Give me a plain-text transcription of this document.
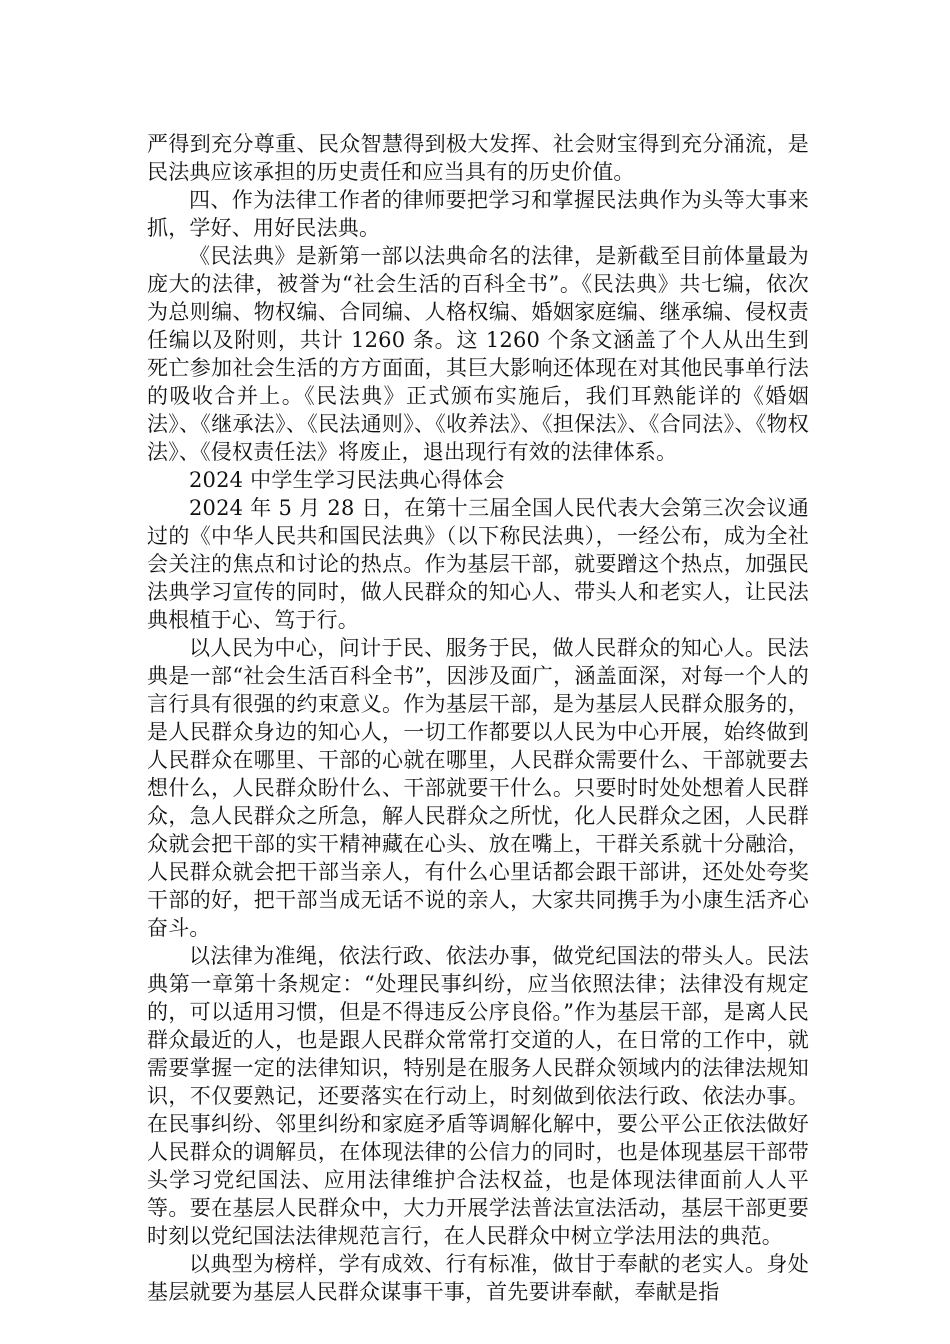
严得到充分尊重、民众智慧得到极大发挥、社会财宝得到充分涌流，是民法典应该承担的历史责任和应当具有的历史价值。

四、作为法律工作者的律师要把学习和掌握民法典作为头等大事来抓，学好、用好民法典。

《民法典》是新第一部以法典命名的法律，是新截至目前体量最为庞大的法律，被誉为“社会生活的百科全书”。《民法典》共七编，依次为总则编、物权编、合同编、人格权编、婚姻家庭编、继承编、侵权责任编以及附则，共计 1260 条。这 1260 个条文涵盖了个人从出生到死亡参加社会生活的方方面面，其巨大影响还体现在对其他民事单行法的吸收合并上。《民法典》正式颁布实施后，我们耳熟能详的《婚姻法》、《继承法》、《民法通则》、《收养法》、《担保法》、《合同法》、《物权法》、《侵权责任法》将废止，退出现行有效的法律体系。

2024 中学生学习民法典心得体会

2024 年 5 月 28 日，在第十三届全国人民代表大会第三次会议通过的《中华人民共和国民法典》（以下称民法典），一经公布，成为全社会关注的焦点和讨论的热点。作为基层干部，就要蹭这个热点，加强民法典学习宣传的同时，做人民群众的知心人、带头人和老实人，让民法典根植于心、笃于行。

以人民为中心，问计于民、服务于民，做人民群众的知心人。民法典是一部“社会生活百科全书”，因涉及面广，涵盖面深，对每一个人的言行具有很强的约束意义。作为基层干部，是为基层人民群众服务的，是人民群众身边的知心人，一切工作都要以人民为中心开展，始终做到人民群众在哪里、干部的心就在哪里，人民群众需要什么、干部就要去想什么，人民群众盼什么、干部就要干什么。只要时时处处想着人民群众，急人民群众之所急，解人民群众之所忧，化人民群众之困，人民群众就会把干部的实干精神藏在心头、放在嘴上，干群关系就十分融洽，人民群众就会把干部当亲人，有什么心里话都会跟干部讲，还处处夸奖干部的好，把干部当成无话不说的亲人，大家共同携手为小康生活齐心奋斗。

以法律为准绳，依法行政、依法办事，做党纪国法的带头人。民法典第一章第十条规定：“处理民事纠纷，应当依照法律；法律没有规定的，可以适用习惯，但是不得违反公序良俗。”作为基层干部，是离人民群众最近的人，也是跟人民群众常常打交道的人，在日常的工作中，就需要掌握一定的法律知识，特别是在服务人民群众领域内的法律法规知识，不仅要熟记，还要落实在行动上，时刻做到依法行政、依法办事。在民事纠纷、邻里纠纷和家庭矛盾等调解化解中，要公平公正依法做好人民群众的调解员，在体现法律的公信力的同时，也是体现基层干部带头学习党纪国法、应用法律维护合法权益，也是体现法律面前人人平等。要在基层人民群众中，大力开展学法普法宣法活动，基层干部更要时刻以党纪国法法律规范言行，在人民群众中树立学法用法的典范。

以典型为榜样，学有成效、行有标准，做甘于奉献的老实人。身处基层就要为基层人民群众谋事干事，首先要讲奉献，奉献是指
